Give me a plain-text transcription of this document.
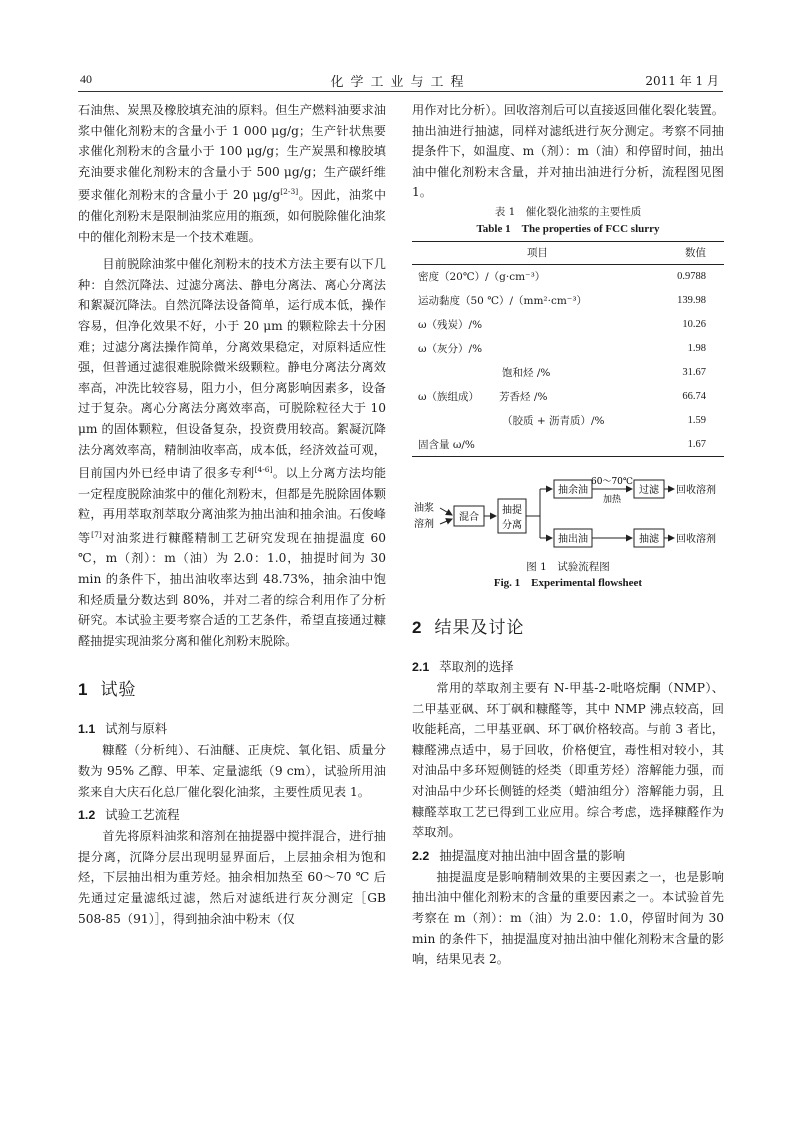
40	化学工业与工程	2011 年 1 月

石油焦、炭黑及橡胶填充油的原料。但生产燃料油要求油浆中催化剂粉末的含量小于 1 000 μg/g；生产针状焦要求催化剂粉末的含量小于 100 μg/g；生产炭黑和橡胶填充油要求催化剂粉末的含量小于 500 μg/g；生产碳纤维要求催化剂粉末的含量小于 20 μg/g[2-3]。因此，油浆中的催化剂粉末是限制油浆应用的瓶颈，如何脱除催化油浆中的催化剂粉末是一个技术难题。

目前脱除油浆中催化剂粉末的技术方法主要有以下几种：自然沉降法、过滤分离法、静电分离法、离心分离法和絮凝沉降法。自然沉降法设备简单，运行成本低，操作容易，但净化效果不好，小于 20 μm 的颗粒除去十分困难；过滤分离法操作简单，分离效果稳定，对原料适应性强，但普通过滤很难脱除微米级颗粒。静电分离法分离效率高，冲洗比较容易，阻力小，但分离影响因素多，设备过于复杂。离心分离法分离效率高，可脱除粒径大于 10 μm 的固体颗粒，但设备复杂，投资费用较高。絮凝沉降法分离效率高，精制油收率高，成本低，经济效益可观，目前国内外已经申请了很多专利[4-6]。以上分离方法均能一定程度脱除油浆中的催化剂粉末，但都是先脱除固体颗粒，再用萃取剂萃取分离油浆为抽出油和抽余油。石俊峰等[7]对油浆进行糠醛精制工艺研究发现在抽提温度 60 ℃，m（剂）：m（油）为 2.0：1.0，抽提时间为 30 min 的条件下，抽出油收率达到 48.73%，抽余油中饱和烃质量分数达到 80%，并对二者的综合利用作了分析研究。本试验主要考察合适的工艺条件，希望直接通过糠醛抽提实现油浆分离和催化剂粉末脱除。

1 试验
1.1 试剂与原料

糠醛（分析纯）、石油醚、正庚烷、氧化铝、质量分数为 95% 乙醇、甲苯、定量滤纸（9 cm），试验所用油浆来自大庆石化总厂催化裂化油浆，主要性质见表 1。

1.2 试验工艺流程

首先将原料油浆和溶剂在抽提器中搅拌混合，进行抽提分离，沉降分层出现明显界面后，上层抽余相为饱和烃，下层抽出相为重芳烃。抽余相加热至 60～70 ℃ 后先通过定量滤纸过滤，然后对滤纸进行灰分测定［GB 508-85（91）］，得到抽余油中粉末（仅

用作对比分析）。回收溶剂后可以直接返回催化裂化装置。抽出油进行抽滤，同样对滤纸进行灰分测定。考察不同抽提条件下，如温度、m（剂）：m（油）和停留时间，抽出油中催化剂粉末含量，并对抽出油进行分析，流程图见图 1。

表 1　催化裂化油浆的主要性质
Table 1　The properties of FCC slurry
项目	数值
密度（20℃）/（g·cm⁻³）	0.9788
运动黏度（50 ℃）/（mm²·cm⁻³）	139.98
ω（残炭）/%	10.26
ω（灰分）/%	1.98
饱和烃 /%	31.67
ω（族组成） 芳香烃 /%	66.74
（胶质 + 沥青质）/%	1.59
固含量 ω/%	1.67
油浆
溶剂
混合
抽提
分离
抽余油
60～70℃
加热
过滤 回收溶剂
抽出油	抽滤 回收溶剂
图 1　试验流程图
Fig. 1　Experimental flowsheet
2 结果及讨论
2.1 萃取剂的选择

常用的萃取剂主要有 N-甲基-2-吡咯烷酮（NMP）、二甲基亚砜、环丁砜和糠醛等，其中 NMP 沸点较高，回收能耗高，二甲基亚砜、环丁砜价格较高。与前 3 者比，糠醛沸点适中，易于回收，价格便宜，毒性相对较小，其对油品中多环短侧链的烃类（即重芳烃）溶解能力强，而对油品中少环长侧链的烃类（蜡油组分）溶解能力弱，且糠醛萃取工艺已得到工业应用。综合考虑，选择糠醛作为萃取剂。

2.2 抽提温度对抽出油中固含量的影响

抽提温度是影响精制效果的主要因素之一，也是影响抽出油中催化剂粉末的含量的重要因素之一。本试验首先考察在 m（剂）：m（油）为 2.0：1.0，停留时间为 30 min 的条件下，抽提温度对抽出油中催化剂粉末含量的影响，结果见表 2。
